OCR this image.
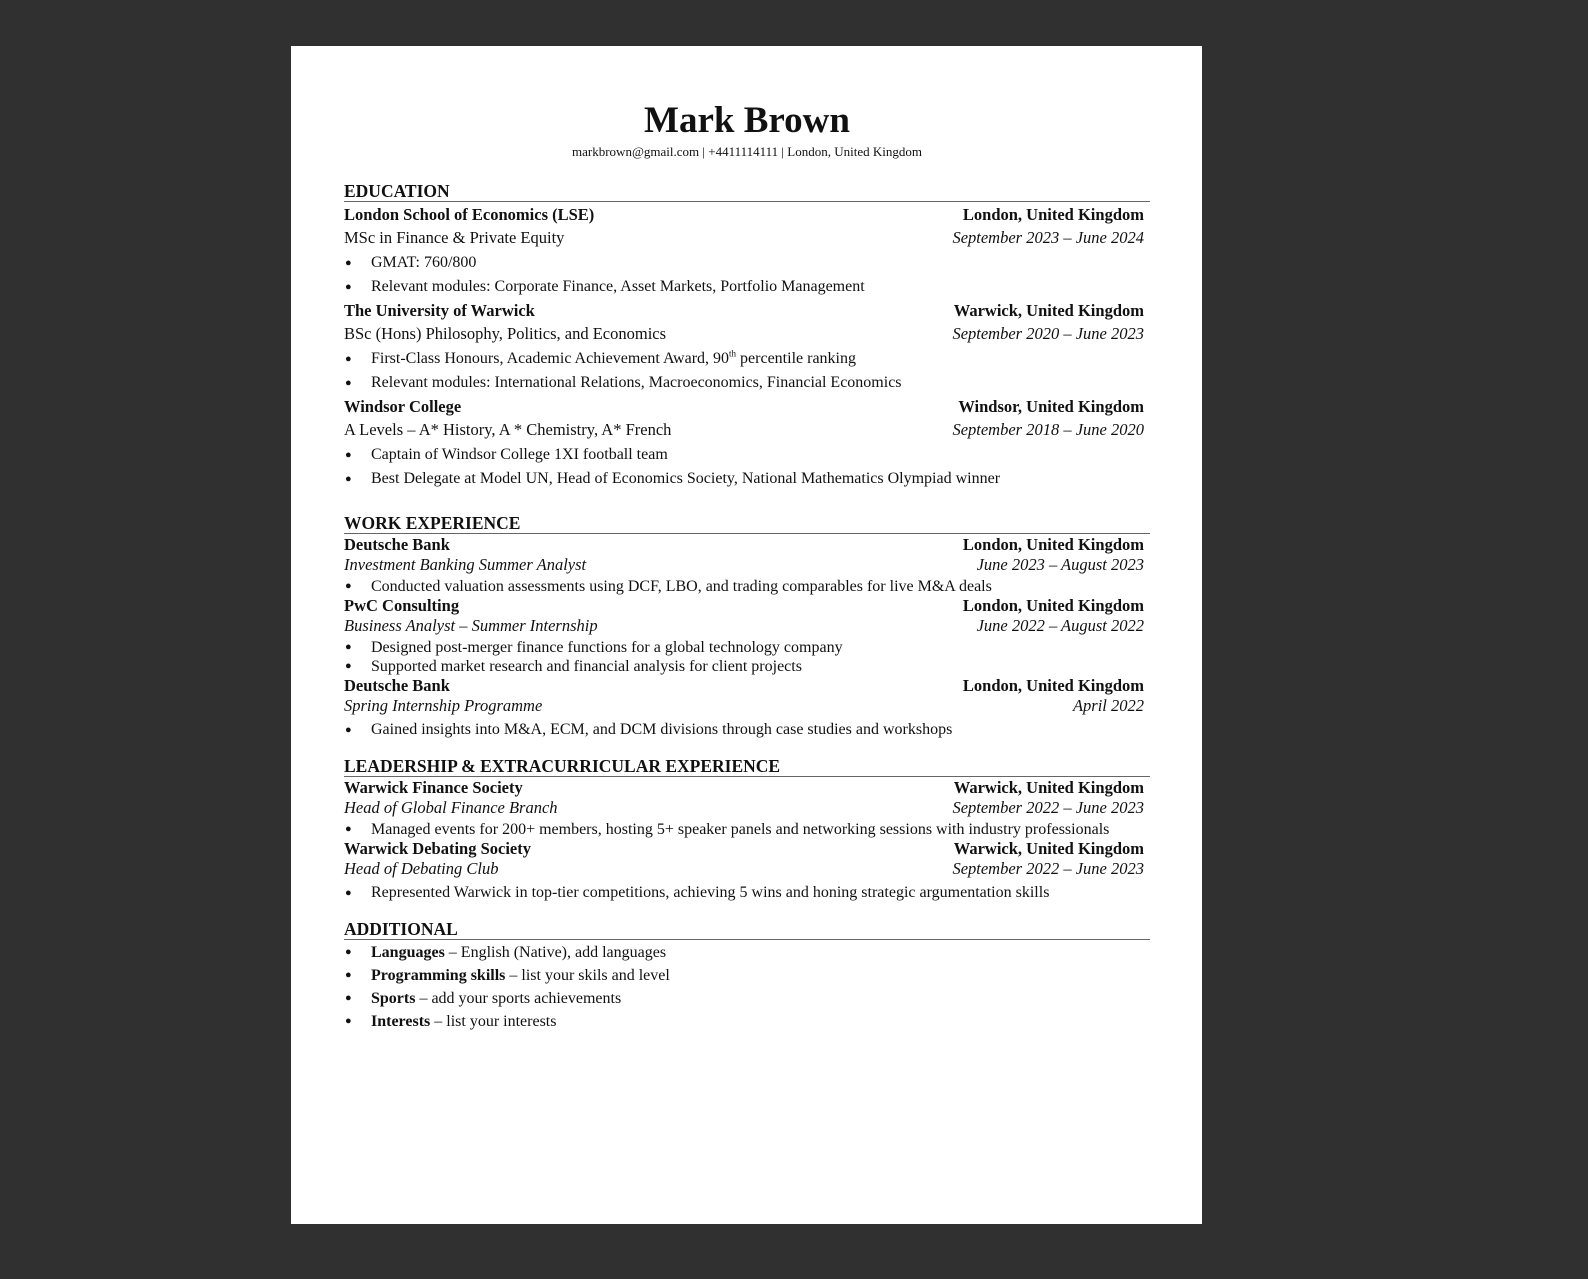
Mark Brown

markbrown@gmail.com | +4411114111 | London, United Kingdom

EDUCATION
London School of Economics (LSE)	London, United Kingdom
MSc in Finance & Private Equity	September 2023 – June 2024
● GMAT: 760/800
● Relevant modules: Corporate Finance, Asset Markets, Portfolio Management
The University of Warwick	Warwick, United Kingdom
BSc (Hons) Philosophy, Politics, and Economics	September 2020 – June 2023
● First-Class Honours, Academic Achievement Award, 90th percentile ranking
● Relevant modules: International Relations, Macroeconomics, Financial Economics
Windsor College	Windsor, United Kingdom
A Levels – A* History, A * Chemistry, A* French	September 2018 – June 2020
● Captain of Windsor College 1XI football team
● Best Delegate at Model UN, Head of Economics Society, National Mathematics Olympiad winner
WORK EXPERIENCE
Deutsche Bank	London, United Kingdom
Investment Banking Summer Analyst	June 2023 – August 2023
● Conducted valuation assessments using DCF, LBO, and trading comparables for live M&A deals
PwC Consulting	London, United Kingdom
Business Analyst – Summer Internship	June 2022 – August 2022
● Designed post-merger finance functions for a global technology company
● Supported market research and financial analysis for client projects
Deutsche Bank	London, United Kingdom
Spring Internship Programme	April 2022
● Gained insights into M&A, ECM, and DCM divisions through case studies and workshops
LEADERSHIP & EXTRACURRICULAR EXPERIENCE
Warwick Finance Society	Warwick, United Kingdom
Head of Global Finance Branch	September 2022 – June 2023
● Managed events for 200+ members, hosting 5+ speaker panels and networking sessions with industry professionals
Warwick Debating Society	Warwick, United Kingdom
Head of Debating Club	September 2022 – June 2023
● Represented Warwick in top-tier competitions, achieving 5 wins and honing strategic argumentation skills
ADDITIONAL
● Languages – English (Native), add languages
● Programming skills – list your skils and level
● Sports – add your sports achievements
● Interests – list your interests
